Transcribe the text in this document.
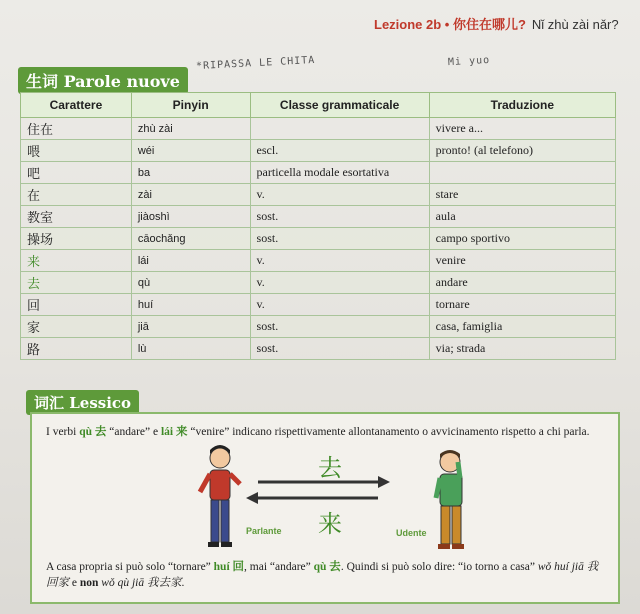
Lezione 2b • 你住在哪儿? Nǐ zhù zài nǎr?
*RIPASSA LE CHITA	Mi yuo
生词 Parole nuove
Carattere	Pinyin	Classe grammaticale	Traduzione
住在	zhù zài		vivere a...
喂	wéi	escl.	pronto! (al telefono)
吧	ba	particella modale esortativa	
在	zài	v.	stare
教室	jiàoshì	sost.	aula
操场	cāochǎng	sost.	campo sportivo
来	lái	v.	venire
去	qù	v.	andare
回	huí	v.	tornare
家	jiā	sost.	casa, famiglia
路	lù	sost.	via; strada
词汇 Lessico
I verbi qù 去 “andare” e lái 来 “venire” indicano rispettivamente allontanamento o avvicinamento rispetto a chi parla.
A casa propria si può solo “tornare” huí 回, mai “andare” qù 去. Quindi si può solo dire: “io torno a casa” wǒ huí jiā 我回家 e non wǒ qù jiā 我去家.
Parlante
去
来	Udente
